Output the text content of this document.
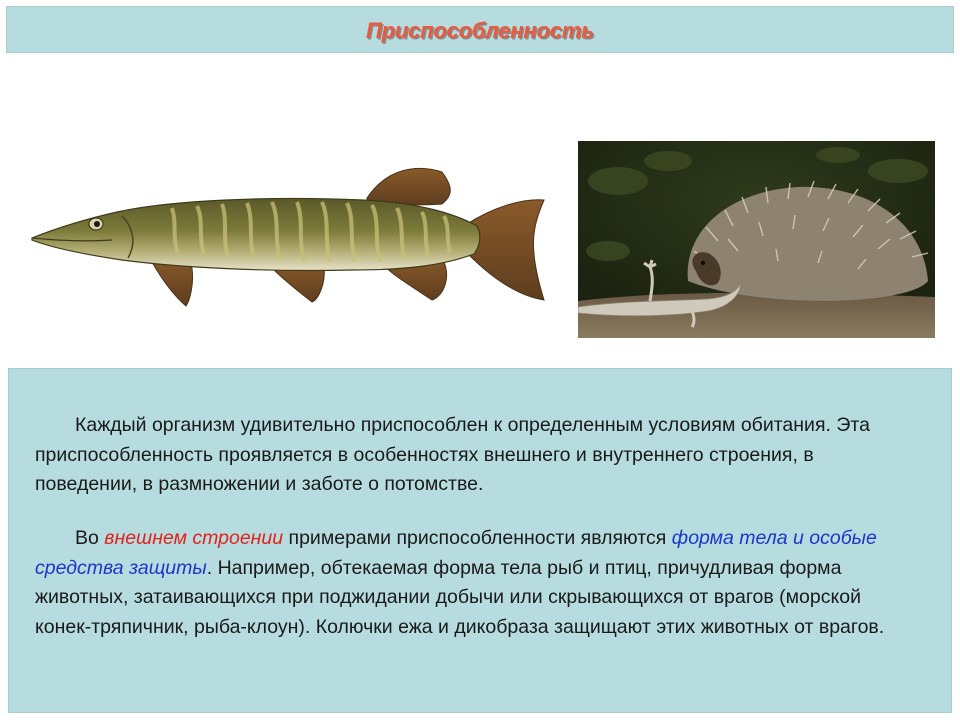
Приспособленность

Каждый организм удивительно приспособлен к определенным условиям обитания. Эта приспособленность проявляется в особенностях внешнего и внутреннего строения, в поведении, в размножении и заботе о потомстве.

Во внешнем строении примерами приспособленности являются форма тела и особые средства защиты. Например, обтекаемая форма тела рыб и птиц, причудливая форма животных, затаивающихся при поджидании добычи или скрывающихся от врагов (морской конек-тряпичник, рыба-клоун). Колючки ежа и дикобраза защищают этих животных от врагов.
